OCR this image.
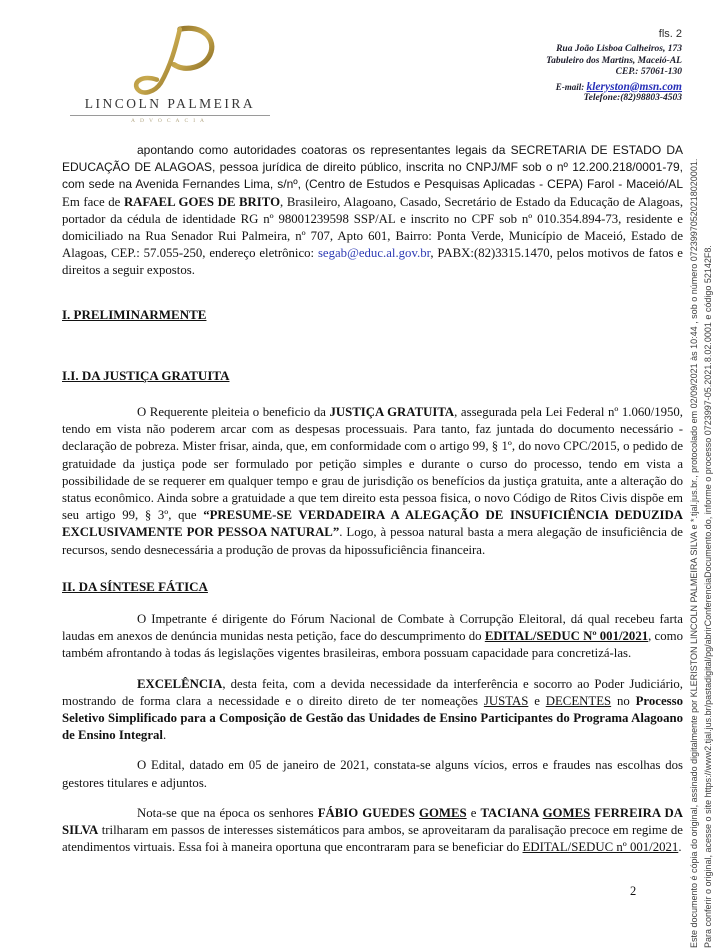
LINCOLN PALMEIRA
ADVOCACIA
fls. 2
Rua João Lisboa Calheiros, 173
Tabuleiro dos Martins, Maceió-AL
CEP.: 57061-130
E-mail: kleryston@msn.com
Telefone:(82)98803-4503

apontando como autoridades coatoras os representantes legais da SECRETARIA DE ESTADO DA EDUCAÇÃO DE ALAGOAS, pessoa jurídica de direito público, inscrita no CNPJ/MF sob o nº 12.200.218/0001-79, com sede na Avenida Fernandes Lima, s/nº, (Centro de Estudos e Pesquisas Aplicadas - CEPA) Farol - Maceió/AL Em face de RAFAEL GOES DE BRITO, Brasileiro, Alagoano, Casado, Secretário de Estado da Educação de Alagoas, portador da cédula de identidade RG nº 98001239598 SSP/AL e inscrito no CPF sob nº 010.354.894-73, residente e domiciliado na Rua Senador Rui Palmeira, nº 707, Apto 601, Bairro: Ponta Verde, Município de Maceió, Estado de Alagoas, CEP.: 57.055-250, endereço eletrônico: segab@educ.al.gov.br, PABX:(82)3315.1470, pelos motivos de fatos e direitos a seguir expostos.

I. PRELIMINARMENTE
I.I. DA JUSTIÇA GRATUITA

O Requerente pleiteia o beneficio da JUSTIÇA GRATUITA, assegurada pela Lei Federal nº 1.060/1950, tendo em vista não poderem arcar com as despesas processuais. Para tanto, faz juntada do documento necessário - declaração de pobreza. Mister frisar, ainda, que, em conformidade com o artigo 99, § 1º, do novo CPC/2015, o pedido de gratuidade da justiça pode ser formulado por petição simples e durante o curso do processo, tendo em vista a possibilidade de se requerer em qualquer tempo e grau de jurisdição os benefícios da justiça gratuita, ante a alteração do status econômico. Ainda sobre a gratuidade a que tem direito esta pessoa fisica, o novo Código de Ritos Civis dispõe em seu artigo 99, § 3º, que “PRESUME-SE VERDADEIRA A ALEGAÇÃO DE INSUFICIÊNCIA DEDUZIDA EXCLUSIVAMENTE POR PESSOA NATURAL”. Logo, à pessoa natural basta a mera alegação de insuficiência de recursos, sendo desnecessária a produção de provas da hipossuficiência financeira.

II. DA SÍNTESE FÁTICA

O Impetrante é dirigente do Fórum Nacional de Combate à Corrupção Eleitoral, dá qual recebeu farta laudas em anexos de denúncia munidas nesta petição, face do descumprimento do EDITAL/SEDUC Nº 001/2021, como também afrontando à todas ás legislações vigentes brasileiras, embora possuam capacidade para concretizá-las.

EXCELÊNCIA, desta feita, com a devida necessidade da interferência e socorro ao Poder Judiciário, mostrando de forma clara a necessidade e o direito direto de ter nomeações JUSTAS e DECENTES no Processo Seletivo Simplificado para a Composição de Gestão das Unidades de Ensino Participantes do Programa Alagoano de Ensino Integral.

O Edital, datado em 05 de janeiro de 2021, constata-se alguns vícios, erros e fraudes nas escolhas dos gestores titulares e adjuntos.

Nota-se que na época os senhores FÁBIO GUEDES GOMES e TACIANA GOMES FERREIRA DA SILVA trilharam em passos de interesses sistemáticos para ambos, se aproveitaram da paralisação precoce em regime de atendimentos virtuais. Essa foi à maneira oportuna que encontraram para se beneficiar do EDITAL/SEDUC nº 001/2021.

2	Este documento é cópia do original, assinado digitalmente por KLERISTON LINCOLN PALMEIRA SILVA e *.tjal.jus.br., protocolado em 02/09/2021 às 10:44 , sob o número 07239970520218020001. Para conferir o original, acesse o site https://www2.tjal.jus.br/pastadigital/pg/abrirConferenciaDocumento.do, informe o processo 0723997-05.2021.8.02.0001 e código 52142F8.
